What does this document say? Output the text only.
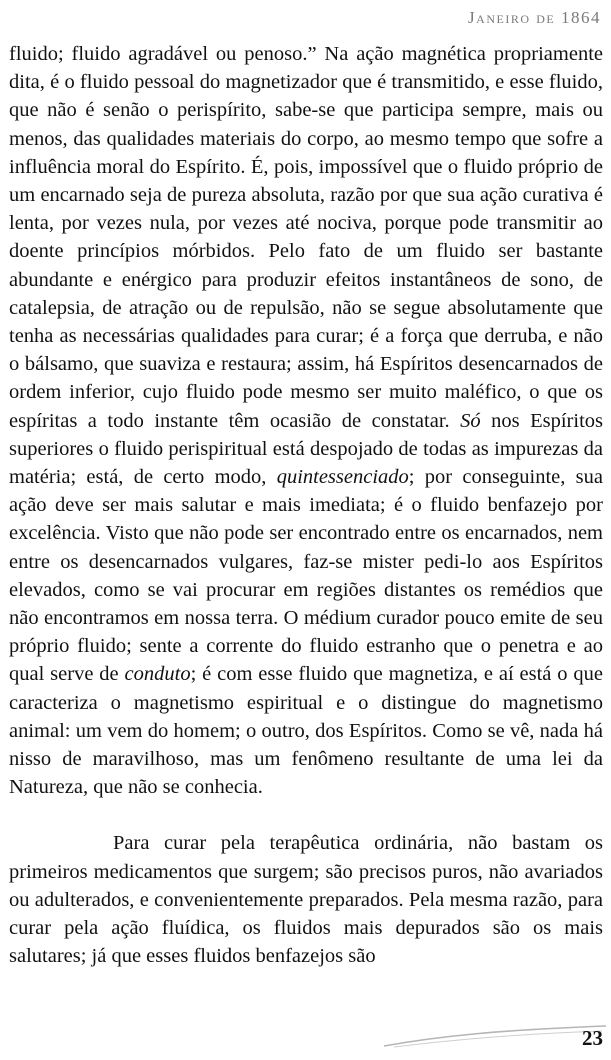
Janeiro de 1864

fluido; fluido agradável ou penoso.” Na ação magnética propriamente dita, é o fluido pessoal do magnetizador que é transmitido, e esse fluido, que não é senão o perispírito, sabe-se que participa sempre, mais ou menos, das qualidades materiais do corpo, ao mesmo tempo que sofre a influência moral do Espírito. É, pois, impossível que o fluido próprio de um encarnado seja de pureza absoluta, razão por que sua ação curativa é lenta, por vezes nula, por vezes até nociva, porque pode transmitir ao doente princípios mórbidos. Pelo fato de um fluido ser bastante abundante e enérgico para produzir efeitos instantâneos de sono, de catalepsia, de atração ou de repulsão, não se segue absolutamente que tenha as necessárias qualidades para curar; é a força que derruba, e não o bálsamo, que suaviza e restaura; assim, há Espíritos desencarnados de ordem inferior, cujo fluido pode mesmo ser muito maléfico, o que os espíritas a todo instante têm ocasião de constatar. Só nos Espíritos superiores o fluido perispiritual está despojado de todas as impurezas da matéria; está, de certo modo, quintessenciado; por conseguinte, sua ação deve ser mais salutar e mais imediata; é o fluido benfazejo por excelência. Visto que não pode ser encontrado entre os encarnados, nem entre os desencarnados vulgares, faz-se mister pedi-lo aos Espíritos elevados, como se vai procurar em regiões distantes os remédios que não encontramos em nossa terra. O médium curador pouco emite de seu próprio fluido; sente a corrente do fluido estranho que o penetra e ao qual serve de conduto; é com esse fluido que magnetiza, e aí está o que caracteriza o magnetismo espiritual e o distingue do magnetismo animal: um vem do homem; o outro, dos Espíritos. Como se vê, nada há nisso de maravilhoso, mas um fenômeno resultante de uma lei da Natureza, que não se conhecia.

Para curar pela terapêutica ordinária, não bastam os primeiros medicamentos que surgem; são precisos puros, não avariados ou adulterados, e convenientemente preparados. Pela mesma razão, para curar pela ação fluídica, os fluidos mais depurados são os mais salutares; já que esses fluidos benfazejos são

23
